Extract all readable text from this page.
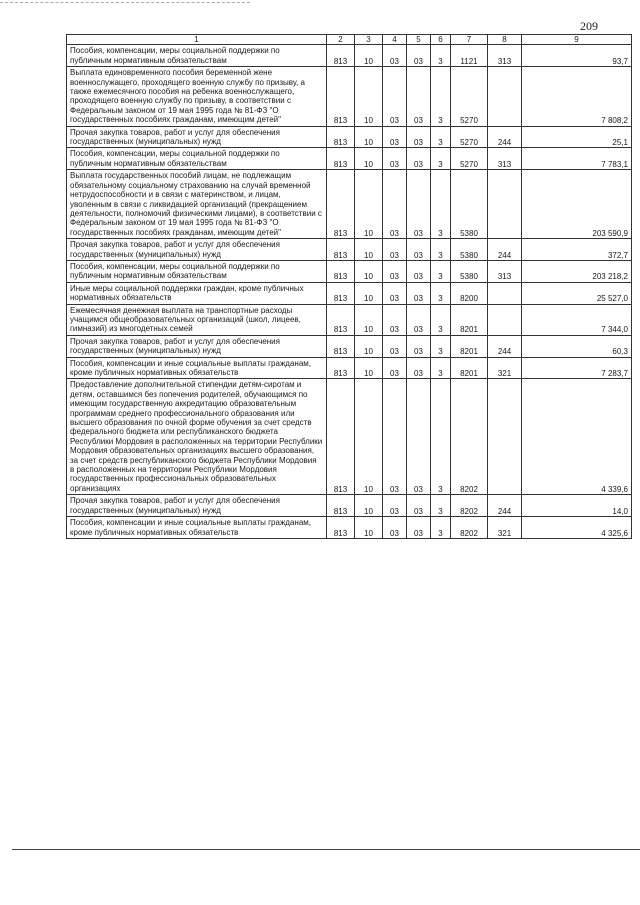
209
1	2	3	4	5	6	7	8	9
Пособия, компенсации, меры социальной поддержки по публичным нормативным обязательствам	813	10	03	03	3	1121	313	93,7
Выплата единовременного пособия беременной жене военнослужащего, проходящего военную службу по призыву, а также ежемесячного пособия на ребенка военнослужащего, проходящего военную службу по призыву, в соответствии с Федеральным законом от 19 мая 1995 года № 81-ФЗ "О государственных пособиях гражданам, имеющим детей"	813	10	03	03	3	5270		7 808,2
Прочая закупка товаров, работ и услуг для обеспечения государственных (муниципальных) нужд	813	10	03	03	3	5270	244	25,1
Пособия, компенсации, меры социальной поддержки по публичным нормативным обязательствам	813	10	03	03	3	5270	313	7 783,1
Выплата государственных пособий лицам, не подлежащим обязательному социальному страхованию на случай временной нетрудоспособности и в связи с материнством, и лицам, уволенным в связи с ликвидацией организаций (прекращением деятельности, полномочий физическими лицами), в соответствии с Федеральным законом от 19 мая 1995 года № 81-ФЗ "О государственных пособиях гражданам, имеющим детей"	813	10	03	03	3	5380		203 590,9
Прочая закупка товаров, работ и услуг для обеспечения государственных (муниципальных) нужд	813	10	03	03	3	5380	244	372,7
Пособия, компенсации, меры социальной поддержки по публичным нормативным обязательствам	813	10	03	03	3	5380	313	203 218,2
Иные меры социальной поддержки граждан, кроме публичных нормативных обязательств	813	10	03	03	3	8200		25 527,0
Ежемесячная денежная выплата на транспортные расходы учащимся общеобразовательных организаций (школ, лицеев, гимназий) из многодетных семей	813	10	03	03	3	8201		7 344,0
Прочая закупка товаров, работ и услуг для обеспечения государственных (муниципальных) нужд	813	10	03	03	3	8201	244	60,3
Пособия, компенсации и иные социальные выплаты гражданам, кроме публичных нормативных обязательств	813	10	03	03	3	8201	321	7 283,7
Предоставление дополнительной стипендии детям-сиротам и детям, оставшимся без попечения родителей, обучающимся по имеющим государственную аккредитацию образовательным программам среднего профессионального образования или высшего образования по очной форме обучения за счет средств федерального бюджета или республиканского бюджета Республики Мордовия в расположенных на территории Республики Мордовия образовательных организациях высшего образования, за счет средств республиканского бюджета Республики Мордовия в расположенных на территории Республики Мордовия государственных профессиональных образовательных организациях	813	10	03	03	3	8202		4 339,6
Прочая закупка товаров, работ и услуг для обеспечения государственных (муниципальных) нужд	813	10	03	03	3	8202	244	14,0
Пособия, компенсации и иные социальные выплаты гражданам, кроме публичных нормативных обязательств	813	10	03	03	3	8202	321	4 325,6
